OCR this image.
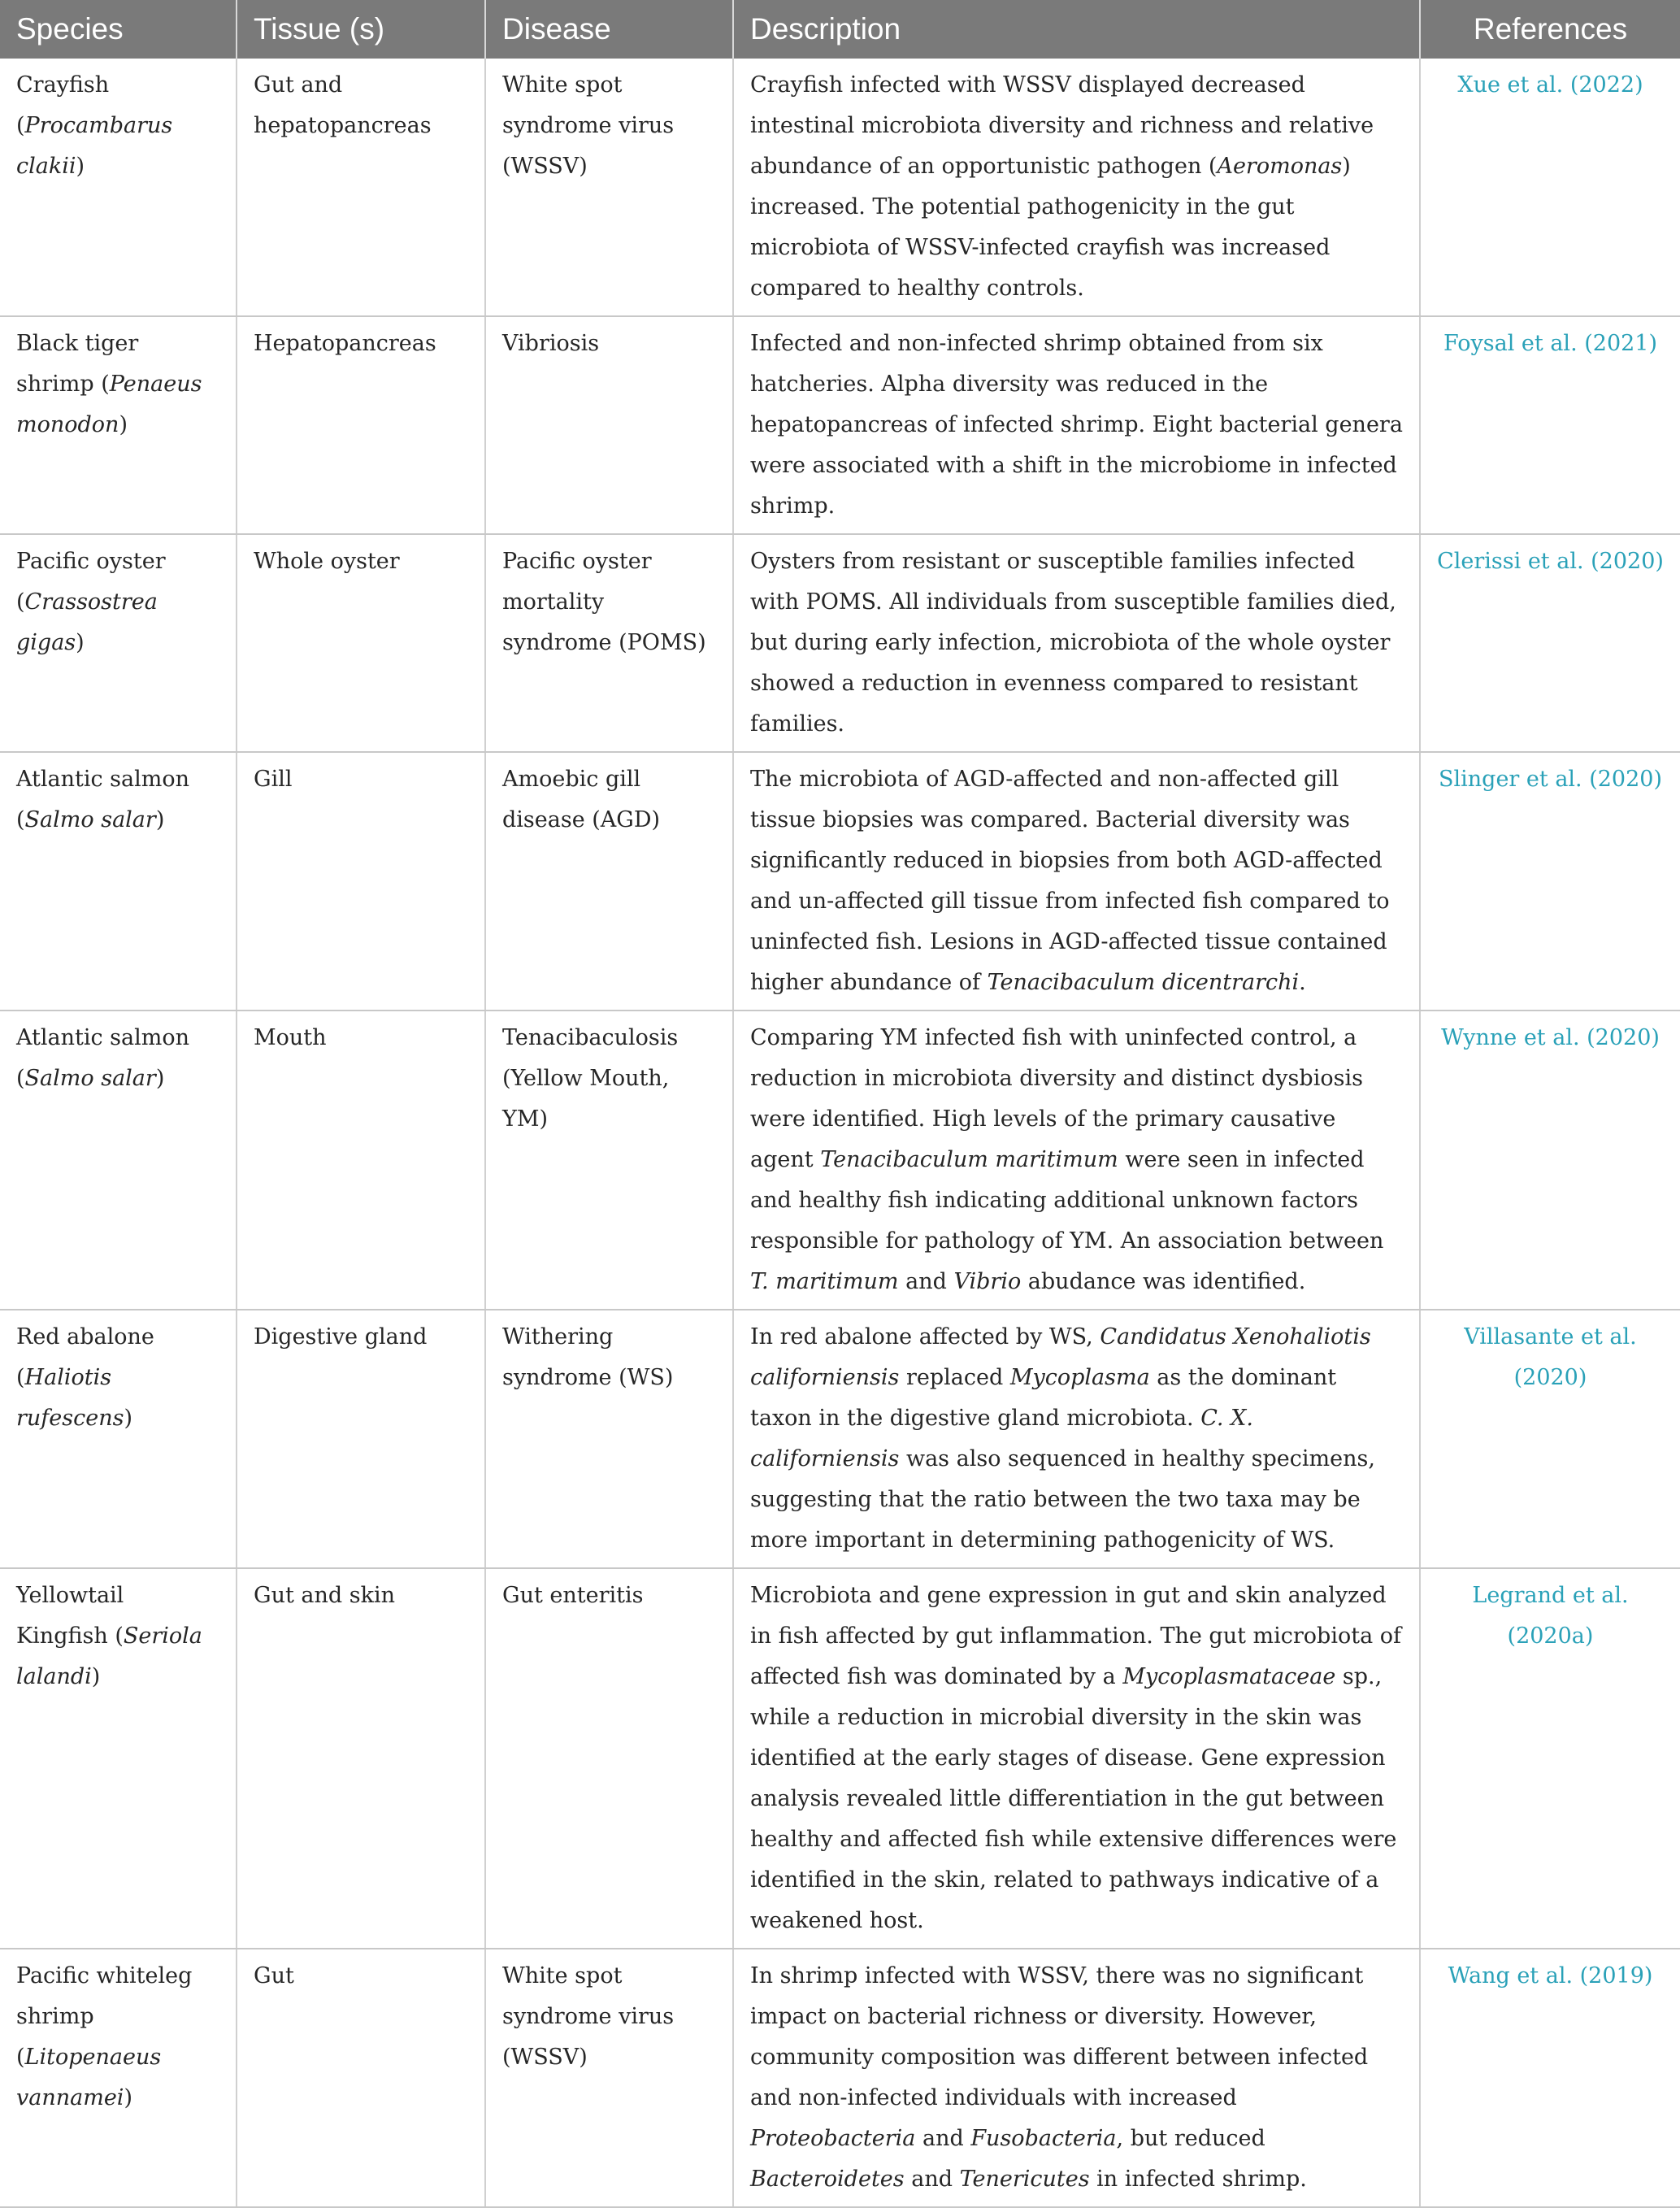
Species	Tissue (s)	Disease	Description	References
Crayfish (Procambarus clakii)	Gut and hepatopancreas	White spot syndrome virus (WSSV)	Crayfish infected with WSSV displayed decreased intestinal microbiota diversity and richness and relative abundance of an opportunistic pathogen (Aeromonas) increased. The potential pathogenicity in the gut microbiota of WSSV-infected crayfish was increased compared to healthy controls.	Xue et al. (2022)
Black tiger shrimp (Penaeus monodon)	Hepatopancreas	Vibriosis	Infected and non-infected shrimp obtained from six hatcheries. Alpha diversity was reduced in the hepatopancreas of infected shrimp. Eight bacterial genera were associated with a shift in the microbiome in infected shrimp.	Foysal et al. (2021)
Pacific oyster (Crassostrea gigas)	Whole oyster	Pacific oyster mortality syndrome (POMS)	Oysters from resistant or susceptible families infected with POMS. All individuals from susceptible families died, but during early infection, microbiota of the whole oyster showed a reduction in evenness compared to resistant families.	Clerissi et al. (2020)
Atlantic salmon (Salmo salar)	Gill	Amoebic gill disease (AGD)	The microbiota of AGD-affected and non-affected gill tissue biopsies was compared. Bacterial diversity was significantly reduced in biopsies from both AGD-affected and un-affected gill tissue from infected fish compared to uninfected fish. Lesions in AGD-affected tissue contained higher abundance of Tenacibaculum dicentrarchi.	Slinger et al. (2020)
Atlantic salmon (Salmo salar)	Mouth	Tenacibaculosis (Yellow Mouth, YM)	Comparing YM infected fish with uninfected control, a reduction in microbiota diversity and distinct dysbiosis were identified. High levels of the primary causative agent Tenacibaculum maritimum were seen in infected and healthy fish indicating additional unknown factors responsible for pathology of YM. An association between T. maritimum and Vibrio abudance was identified.	Wynne et al. (2020)
Red abalone (Haliotis rufescens)	Digestive gland	Withering syndrome (WS)	In red abalone affected by WS, Candidatus Xenohaliotis californiensis replaced Mycoplasma as the dominant taxon in the digestive gland microbiota. C. X. californiensis was also sequenced in healthy specimens, suggesting that the ratio between the two taxa may be more important in determining pathogenicity of WS.	Villasante et al. (2020)
Yellowtail Kingfish (Seriola lalandi)	Gut and skin	Gut enteritis	Microbiota and gene expression in gut and skin analyzed in fish affected by gut inflammation. The gut microbiota of affected fish was dominated by a Mycoplasmataceae sp., while a reduction in microbial diversity in the skin was identified at the early stages of disease. Gene expression analysis revealed little differentiation in the gut between healthy and affected fish while extensive differences were identified in the skin, related to pathways indicative of a weakened host.	Legrand et al. (2020a)
Pacific whiteleg shrimp (Litopenaeus vannamei)	Gut	White spot syndrome virus (WSSV)	In shrimp infected with WSSV, there was no significant impact on bacterial richness or diversity. However, community composition was different between infected and non-infected individuals with increased Proteobacteria and Fusobacteria, but reduced Bacteroidetes and Tenericutes in infected shrimp.	Wang et al. (2019)
